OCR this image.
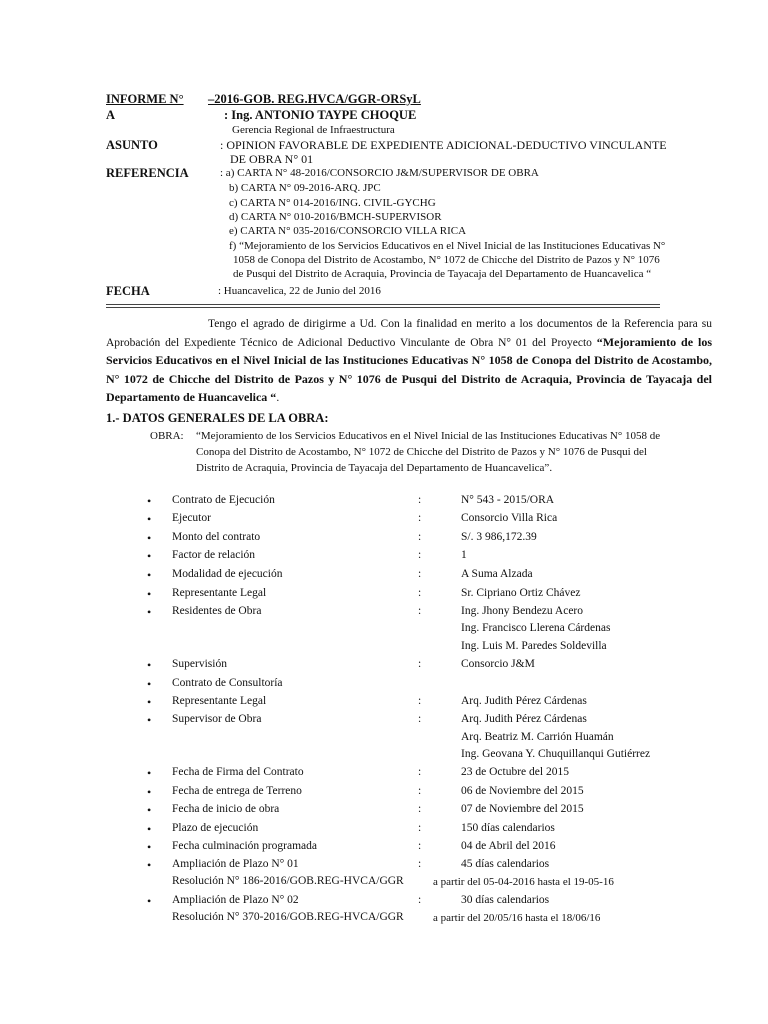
INFORME N° –2016-GOB. REG.HVCA/GGR-ORSyL
A	: Ing. ANTONIO TAYPE CHOQUE
Gerencia Regional de Infraestructura
ASUNTO	: OPINION FAVORABLE DE EXPEDIENTE ADICIONAL-DEDUCTIVO VINCULANTE
DE OBRA N° 01
REFERENCIA	: a) CARTA N° 48-2016/CONSORCIO J&M/SUPERVISOR DE OBRA
b) CARTA N° 09-2016-ARQ. JPC
c) CARTA N° 014-2016/ING. CIVIL-GYCHG
d) CARTA N° 010-2016/BMCH-SUPERVISOR
e) CARTA N° 035-2016/CONSORCIO VILLA RICA
f) “Mejoramiento de los Servicios Educativos en el Nivel Inicial de las Instituciones Educativas N°
1058 de Conopa del Distrito de Acostambo, N° 1072 de Chicche del Distrito de Pazos y N° 1076
de Pusqui del Distrito de Acraquia, Provincia de Tayacaja del Departamento de Huancavelica “
FECHA	: Huancavelica, 22 de Junio del 2016
Tengo el agrado de dirigirme a Ud. Con la finalidad en merito a los documentos de la Referencia para su Aprobación del Expediente Técnico de Adicional Deductivo Vinculante de Obra N° 01 del Proyecto “Mejoramiento de los Servicios Educativos en el Nivel Inicial de las Instituciones Educativas N° 1058 de Conopa del Distrito de Acostambo, N° 1072 de Chicche del Distrito de Pazos y N° 1076 de Pusqui del Distrito de Acraquia, Provincia de Tayacaja del Departamento de Huancavelica “.
1.- DATOS GENERALES DE LA OBRA:
OBRA: “Mejoramiento de los Servicios Educativos en el Nivel Inicial de las Instituciones Educativas N° 1058 de
Conopa del Distrito de Acostambo, N° 1072 de Chicche del Distrito de Pazos y N° 1076 de Pusqui del
Distrito de Acraquia, Provincia de Tayacaja del Departamento de Huancavelica”.
• Contrato de Ejecución	:	N° 543 - 2015/ORA
• Ejecutor	:	Consorcio Villa Rica
• Monto del contrato	:	S/. 3 986,172.39
• Factor de relación	:	1
• Modalidad de ejecución	:	A Suma Alzada
• Representante Legal	:	Sr. Cipriano Ortiz Chávez
• Residentes de Obra	:	Ing. Jhony Bendezu Acero
Ing. Francisco Llerena Cárdenas
Ing. Luis M. Paredes Soldevilla
• Supervisión	:	Consorcio J&M
• Contrato de Consultoría
• Representante Legal	:	Arq. Judith Pérez Cárdenas
• Supervisor de Obra	:	Arq. Judith Pérez Cárdenas
Arq. Beatriz M. Carrión Huamán
Ing. Geovana Y. Chuquillanqui Gutiérrez
• Fecha de Firma del Contrato	:	23 de Octubre del 2015
• Fecha de entrega de Terreno	:	06 de Noviembre del 2015
• Fecha de inicio de obra	:	07 de Noviembre del 2015
• Plazo de ejecución	:	150 días calendarios
• Fecha culminación programada	:	04 de Abril del 2016
• Ampliación de Plazo N° 01	:	45 días calendarios
Resolución N° 186-2016/GOB.REG-HVCA/GGR	a partir del 05-04-2016 hasta el 19-05-16
• Ampliación de Plazo N° 02	:	30 días calendarios
Resolución N° 370-2016/GOB.REG-HVCA/GGR	a partir del 20/05/16 hasta el 18/06/16
